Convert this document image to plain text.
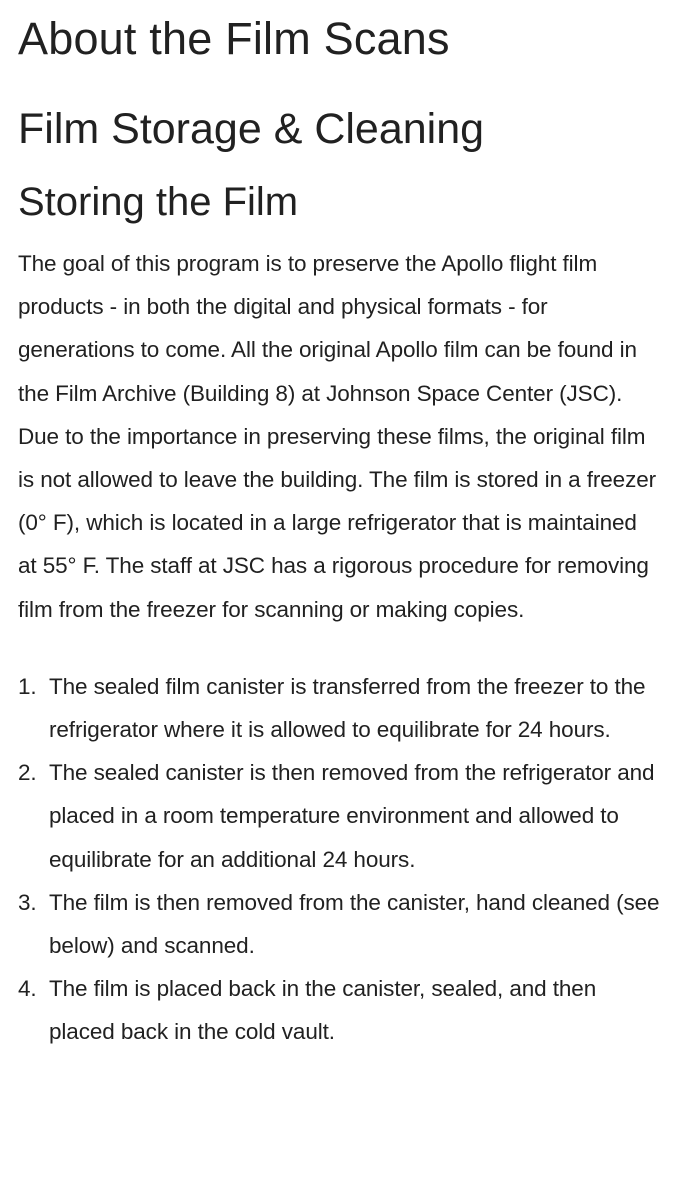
About the Film Scans
Film Storage & Cleaning
Storing the Film

The goal of this program is to preserve the Apollo flight film products - in both the digital and physical formats - for generations to come. All the original Apollo film can be found in the Film Archive (Building 8) at Johnson Space Center (JSC). Due to the importance in preserving these films, the original film is not allowed to leave the building. The film is stored in a freezer (0° F), which is located in a large refrigerator that is maintained at 55° F. The staff at JSC has a rigorous procedure for removing film from the freezer for scanning or making copies.

1. The sealed film canister is transferred from the freezer to the refrigerator where it is allowed to equilibrate for 24 hours.
2. The sealed canister is then removed from the refrigerator and placed in a room temperature environment and allowed to equilibrate for an additional 24 hours.
3. The film is then removed from the canister, hand cleaned (see below) and scanned.
4. The film is placed back in the canister, sealed, and then placed back in the cold vault.
